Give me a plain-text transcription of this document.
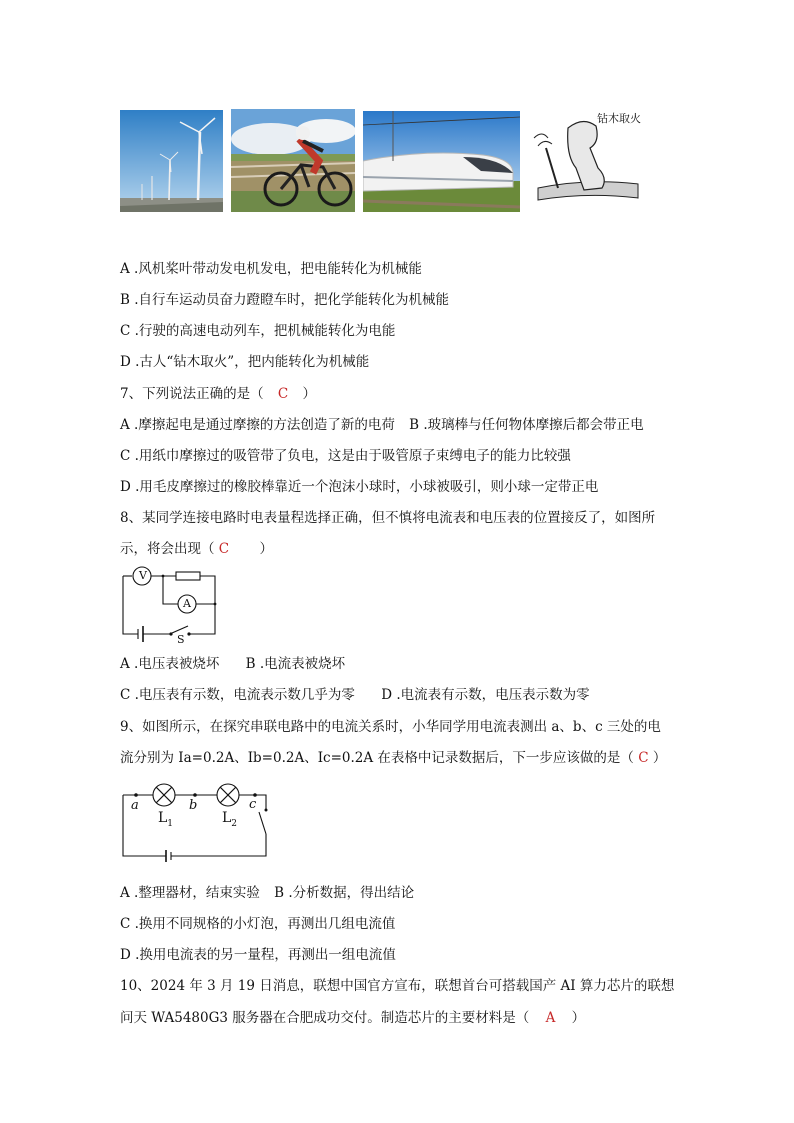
钻木取火
A .风机桨叶带动发电机发电，把电能转化为机械能
B .自行车运动员奋力蹬瞪车时，把化学能转化为机械能
C .行驶的高速电动列车，把机械能转化为电能
D .古人“钻木取火”，把内能转化为机械能
7、下列说法正确的是（ C ）
A .摩擦起电是通过摩擦的方法创造了新的电荷 B .玻璃棒与任何物体摩擦后都会带正电
C .用纸巾摩擦过的吸管带了负电，这是由于吸管原子束缚电子的能力比较强
D .用毛皮摩擦过的橡胶棒靠近一个泡沫小球时，小球被吸引，则小球一定带正电
8、某同学连接电路时电表量程选择正确，但不慎将电流表和电压表的位置接反了，如图所
示，将会出现（ C ）
V
A
S
A .电压表被烧坏 B .电流表被烧坏
C .电压表有示数，电流表示数几乎为零 D .电流表有示数，电压表示数为零
9、如图所示，在探究串联电路中的电流关系时，小华同学用电流表测出 a、b、c 三处的电
流分别为 Ia=0.2A、Ib=0.2A、Ic=0.2A 在表格中记录数据后，下一步应该做的是（ C ）
a	b	c
$L_1$	$L_2$
A .整理器材，结束实验 B .分析数据，得出结论
C .换用不同规格的小灯泡，再测出几组电流值
D .换用电流表的另一量程，再测出一组电流值
10、2024 年 3 月 19 日消息，联想中国官方宣布，联想首台可搭载国产 AI 算力芯片的联想
问天 WA5480G3 服务器在合肥成功交付。制造芯片的主要材料是（ A ）
